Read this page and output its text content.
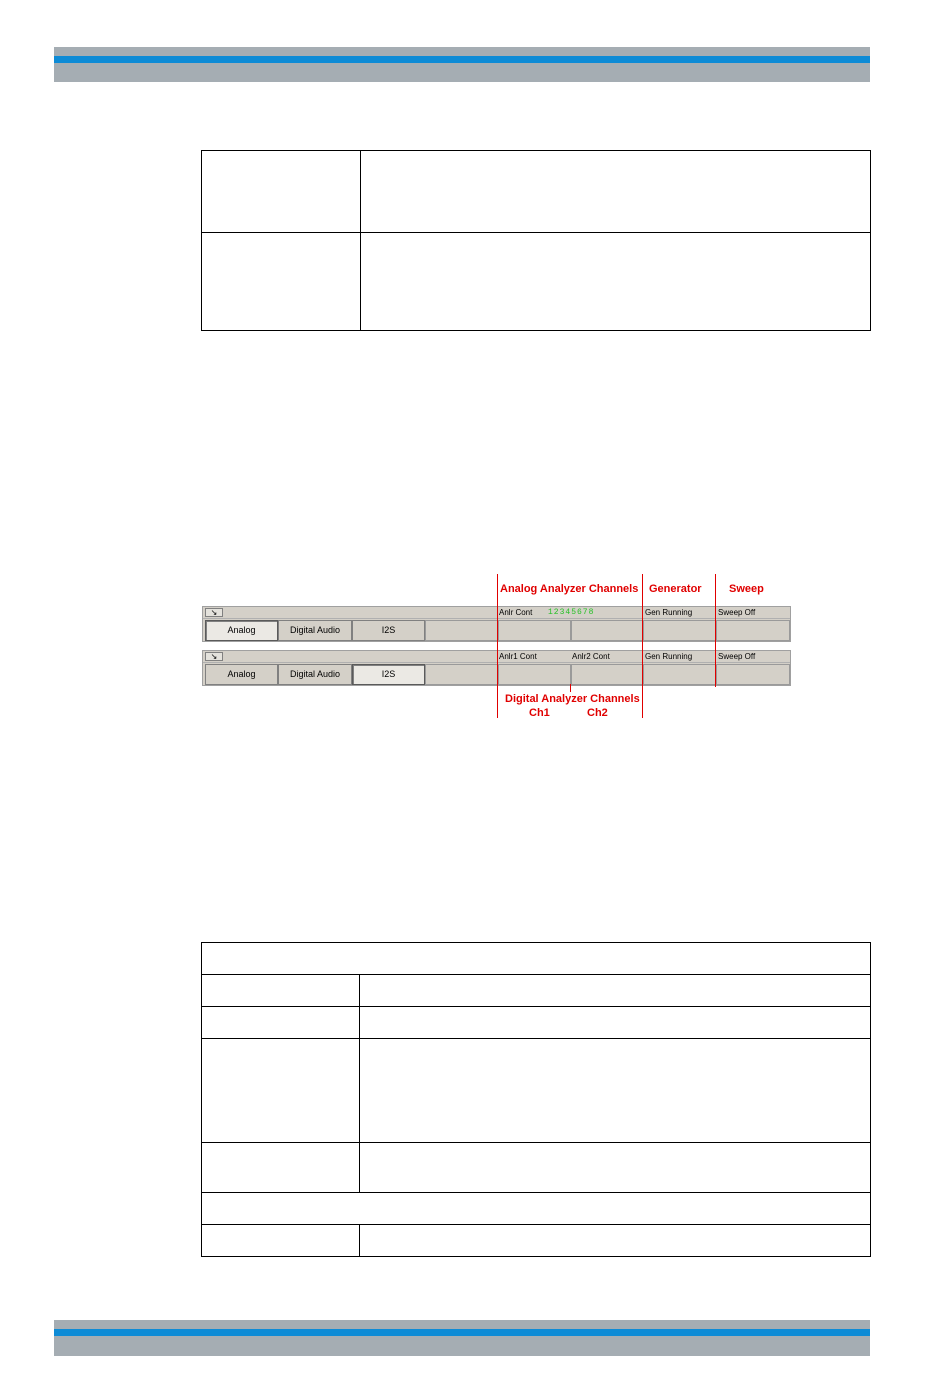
Analog Analyzer Channels Generator Sweep
↘
Analog	Digital Audio	I2S
Anlr Cont 12345678	Gen Running	Sweep Off
↘
Analog	Digital Audio	I2S
Anlr1 Cont	Anlr2 Cont	Gen Running	Sweep Off
Digital Analyzer Channels
Ch1	Ch2
